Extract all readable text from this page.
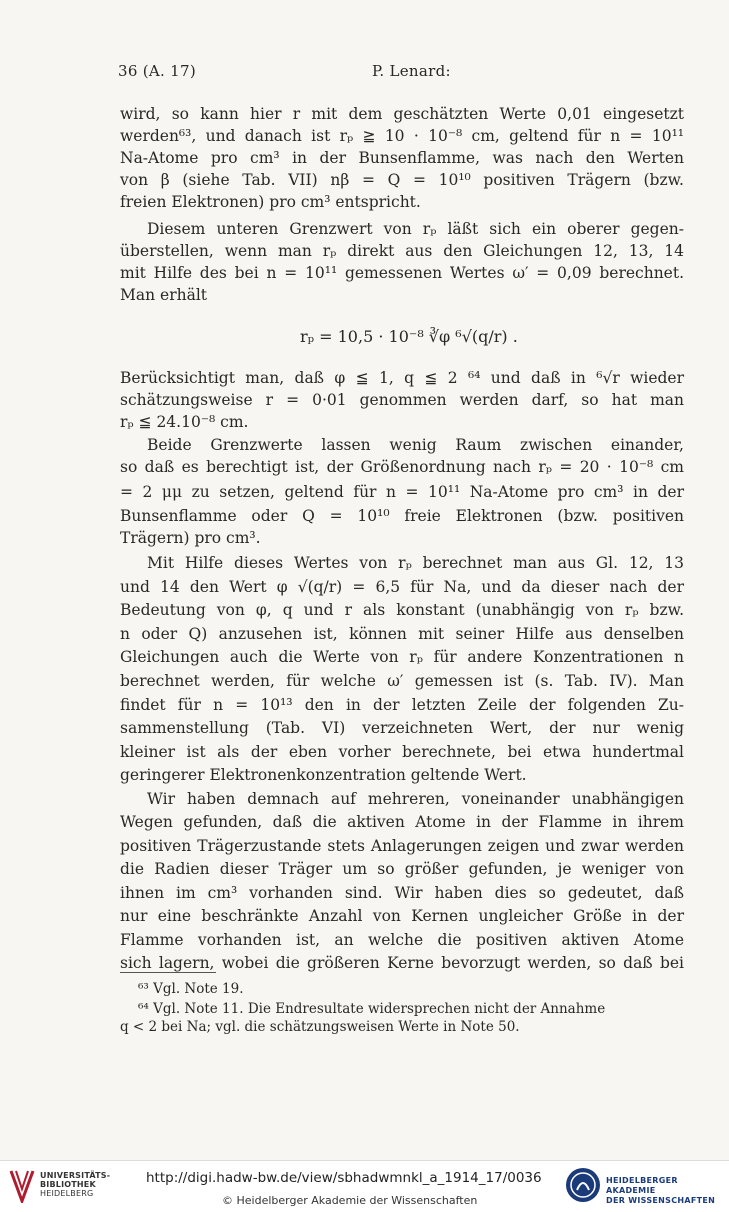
36 (A. 17)	P. Lenard:
wird, so kann hier r mit dem geschätzten Werte 0,01 eingesetzt
werden⁶³, und danach ist rₚ ≧ 10 · 10⁻⁸ cm, geltend für n = 10¹¹
Na-Atome pro cm³ in der Bunsenflamme, was nach den Werten
von β (siehe Tab. VII) nβ = Q = 10¹⁰ positiven Trägern (bzw.
freien Elektronen) pro cm³ entspricht.
Diesem unteren Grenzwert von rₚ läßt sich ein oberer gegen-
überstellen, wenn man rₚ direkt aus den Gleichungen 12, 13, 14
mit Hilfe des bei n = 10¹¹ gemessenen Wertes ω′ = 0,09 berechnet.
Man erhält
rₚ = 10,5 · 10⁻⁸ ∛φ ⁶√(q/r) .
Berücksichtigt man, daß φ ≦ 1, q ≦ 2 ⁶⁴ und daß in ⁶√r wieder
schätzungsweise r = 0·01 genommen werden darf, so hat man
rₚ ≦ 24.10⁻⁸ cm.
Beide Grenzwerte lassen wenig Raum zwischen einander,
so daß es berechtigt ist, der Größenordnung nach rₚ = 20 · 10⁻⁸ cm
= 2 μμ zu setzen, geltend für n = 10¹¹ Na-Atome pro cm³ in der
Bunsenflamme oder Q = 10¹⁰ freie Elektronen (bzw. positiven
Trägern) pro cm³.
Mit Hilfe dieses Wertes von rₚ berechnet man aus Gl. 12, 13
und 14 den Wert φ √(q/r) = 6,5 für Na, und da dieser nach der
Bedeutung von φ, q und r als konstant (unabhängig von rₚ bzw.
n oder Q) anzusehen ist, können mit seiner Hilfe aus denselben
Gleichungen auch die Werte von rₚ für andere Konzentrationen n
berechnet werden, für welche ω′ gemessen ist (s. Tab. IV). Man
findet für n = 10¹³ den in der letzten Zeile der folgenden Zu-
sammenstellung (Tab. VI) verzeichneten Wert, der nur wenig
kleiner ist als der eben vorher berechnete, bei etwa hundertmal
geringerer Elektronenkonzentration geltende Wert.
Wir haben demnach auf mehreren, voneinander unabhängigen
Wegen gefunden, daß die aktiven Atome in der Flamme in ihrem
positiven Trägerzustande stets Anlagerungen zeigen und zwar werden
die Radien dieser Träger um so größer gefunden, je weniger von
ihnen im cm³ vorhanden sind. Wir haben dies so gedeutet, daß
nur eine beschränkte Anzahl von Kernen ungleicher Größe in der
Flamme vorhanden ist, an welche die positiven aktiven Atome
sich lagern, wobei die größeren Kerne bevorzugt werden, so daß bei
⁶³ Vgl. Note 19.
⁶⁴ Vgl. Note 11. Die Endresultate widersprechen nicht der Annahme
q < 2 bei Na; vgl. die schätzungsweisen Werte in Note 50.
UNIVERSITÄTS-
BIBLIOTHEK
HEIDELBERG
http://digi.hadw-bw.de/view/sbhadwmnkl_a_1914_17/0036
© Heidelberger Akademie der Wissenschaften
HEIDELBERGER AKADEMIE
DER WISSENSCHAFTEN
